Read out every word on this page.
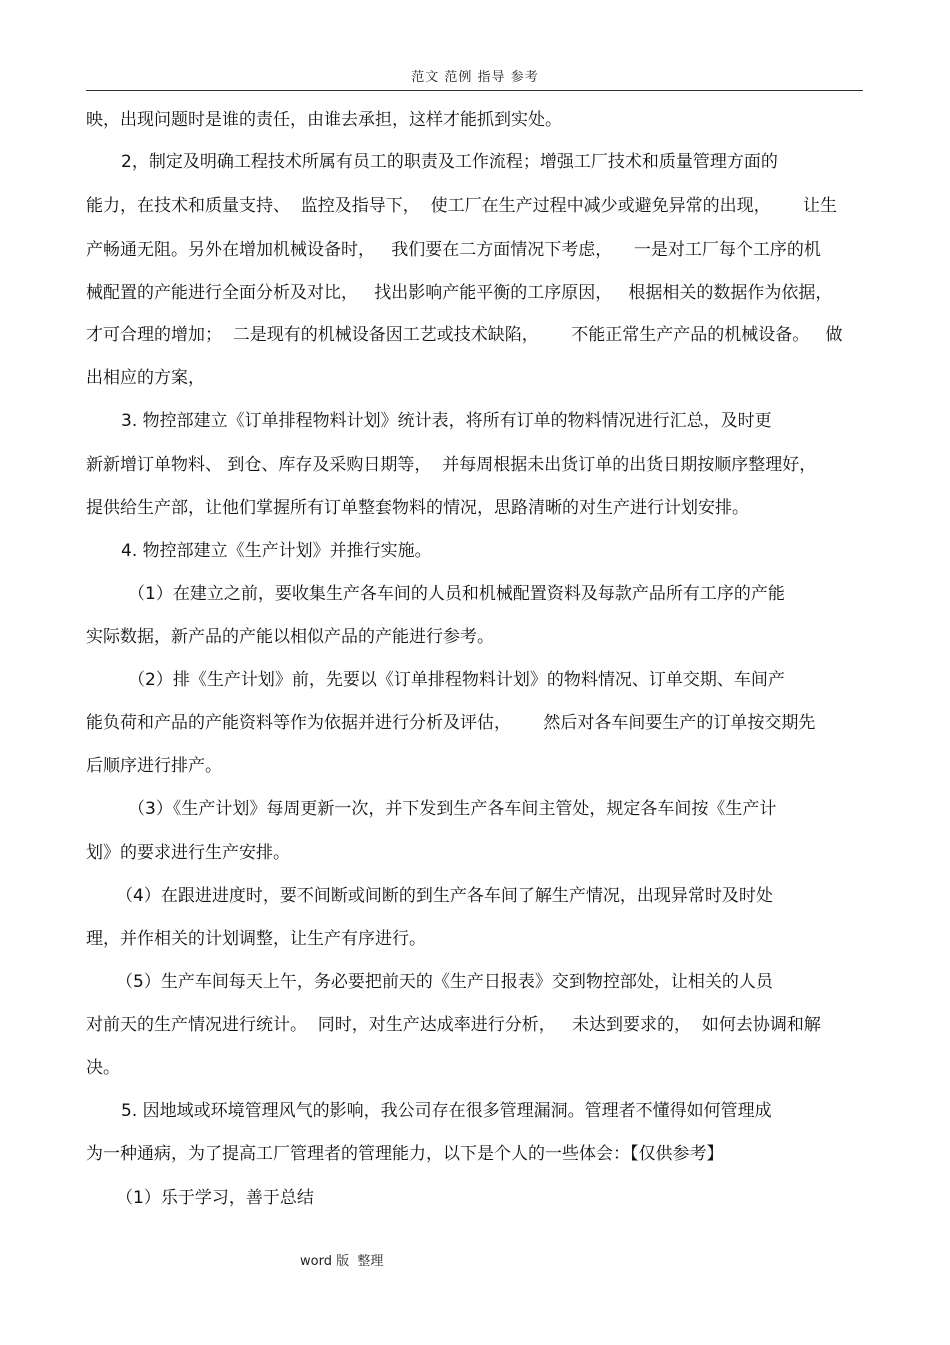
范文 范例 指导 参考
映，出现问题时是谁的责任，由谁去承担，这样才能抓到实处。
2，制定及明确工程技术所属有员工的职责及工作流程；增强工厂技术和质量管理方面的
能力，在技术和质量支持、  监控及指导下，  使工厂在生产过程中减少或避免异常的出现，      让生
产畅通无阻。另外在增加机械设备时，   我们要在二方面情况下考虑，    一是对工厂每个工序的机
械配置的产能进行全面分析及对比，   找出影响产能平衡的工序原因，   根据相关的数据作为依据，
才可合理的增加；  二是现有的机械设备因工艺或技术缺陷，      不能正常生产产品的机械设备。   做
出相应的方案，
3. 物控部建立《订单排程物料计划》统计表，将所有订单的物料情况进行汇总，及时更
新新增订单物料、 到仓、库存及采购日期等，  并每周根据未出货订单的出货日期按顺序整理好，
提供给生产部，让他们掌握所有订单整套物料的情况，思路清晰的对生产进行计划安排。
4. 物控部建立《生产计划》并推行实施。
（1）在建立之前，要收集生产各车间的人员和机械配置资料及每款产品所有工序的产能
实际数据，新产品的产能以相似产品的产能进行参考。
（2）排《生产计划》前，先要以《订单排程物料计划》的物料情况、订单交期、车间产
能负荷和产品的产能资料等作为依据并进行分析及评估，      然后对各车间要生产的订单按交期先
后顺序进行排产。
（3）《生产计划》每周更新一次，并下发到生产各车间主管处，规定各车间按《生产计
划》的要求进行生产安排。
（4）在跟进进度时，要不间断或间断的到生产各车间了解生产情况，出现异常时及时处
理，并作相关的计划调整，让生产有序进行。
（5）生产车间每天上午，务必要把前天的《生产日报表》交到物控部处，让相关的人员
对前天的生产情况进行统计。  同时，对生产达成率进行分析，   未达到要求的，  如何去协调和解
决。
5. 因地域或环境管理风气的影响，我公司存在很多管理漏洞。管理者不懂得如何管理成
为一种通病，为了提高工厂管理者的管理能力，以下是个人的一些体会：【仅供参考】
（1）乐于学习，善于总结
word 版  整理
